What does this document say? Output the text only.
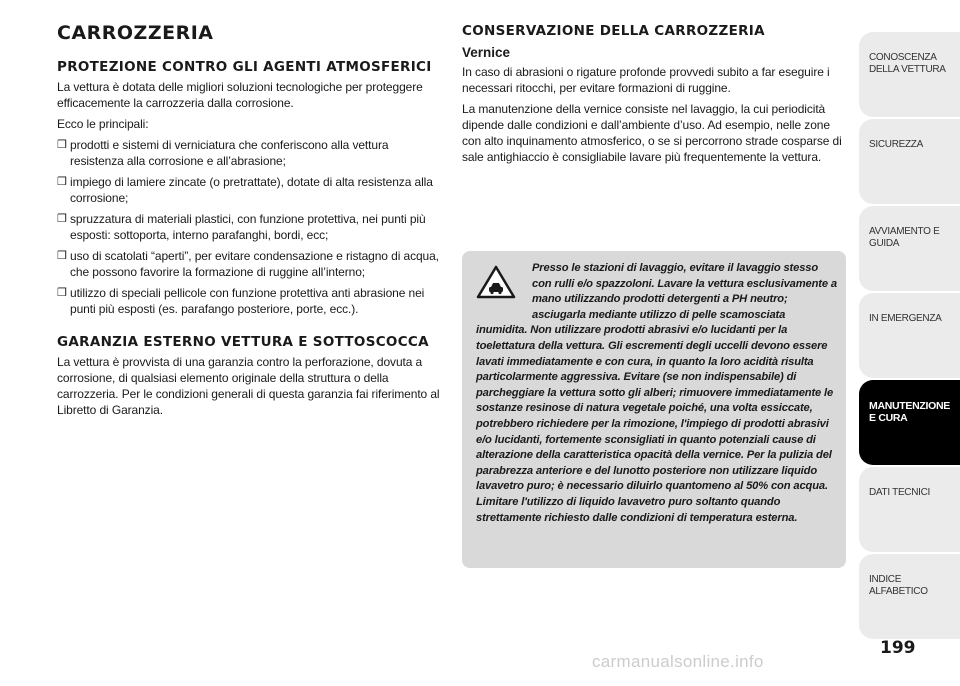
CARROZZERIA
PROTEZIONE CONTRO GLI AGENTI ATMOSFERICI

La vettura è dotata delle migliori soluzioni tecnologiche per proteggere efficacemente la carrozzeria dalla corrosione.

Ecco le principali:

❒ prodotti e sistemi di verniciatura che conferiscono alla vettura resistenza alla corrosione e all’abrasione;
❒ impiego di lamiere zincate (o pretrattate), dotate di alta resistenza alla corrosione;
❒ spruzzatura di materiali plastici, con funzione protettiva, nei punti più esposti: sottoporta, interno parafanghi, bordi, ecc;
❒ uso di scatolati “aperti”, per evitare condensazione e ristagno di acqua, che possono favorire la formazione di ruggine all’interno;
❒ utilizzo di speciali pellicole con funzione protettiva anti abrasione nei punti più esposti (es. parafango posteriore, porte, ecc.).
GARANZIA ESTERNO VETTURA E SOTTOSCOCCA

La vettura è provvista di una garanzia contro la perforazione, dovuta a corrosione, di qualsiasi elemento originale della struttura o della carrozzeria. Per le condizioni generali di questa garanzia fai riferimento al Libretto di Garanzia.

CONSERVAZIONE DELLA CARROZZERIA
Vernice

In caso di abrasioni o rigature profonde provvedi subito a far eseguire i necessari ritocchi, per evitare formazioni di ruggine.

La manutenzione della vernice consiste nel lavaggio, la cui periodicità dipende dalle condizioni e dall’ambiente d’uso. Ad esempio, nelle zone con alto inquinamento atmosferico, o se si percorrono strade cosparse di sale antighiaccio è consigliabile lavare più frequentemente la vettura.

Presso le stazioni di lavaggio, evitare il lavaggio stesso con rulli e/o spazzoloni. Lavare la vettura esclusivamente a mano utilizzando prodotti detergenti a PH neutro; asciugarla mediante utilizzo di pelle scamosciata inumidita. Non utilizzare prodotti abrasivi e/o lucidanti per la toelettatura della vettura. Gli escrementi degli uccelli devono essere lavati immediatamente e con cura, in quanto la loro acidità risulta particolarmente aggressiva. Evitare (se non indispensabile) di parcheggiare la vettura sotto gli alberi; rimuovere immediatamente le sostanze resinose di natura vegetale poiché, una volta essiccate, potrebbero richiedere per la rimozione, l'impiego di prodotti abrasivi e/o lucidanti, fortemente sconsigliati in quanto potenziali cause di alterazione della caratteristica opacità della vernice. Per la pulizia del parabrezza anteriore e del lunotto posteriore non utilizzare liquido lavavetro puro; è necessario diluirlo quantomeno al 50% con acqua. Limitare l'utilizzo di liquido lavavetro puro soltanto quando strettamente richiesto dalle condizioni di temperatura esterna.
CONOSCENZA DELLA VETTURA
SICUREZZA
AVVIAMENTO E GUIDA
IN EMERGENZA
MANUTENZIONE E CURA
DATI TECNICI
INDICE ALFABETICO
199
carmanualsonline.info
